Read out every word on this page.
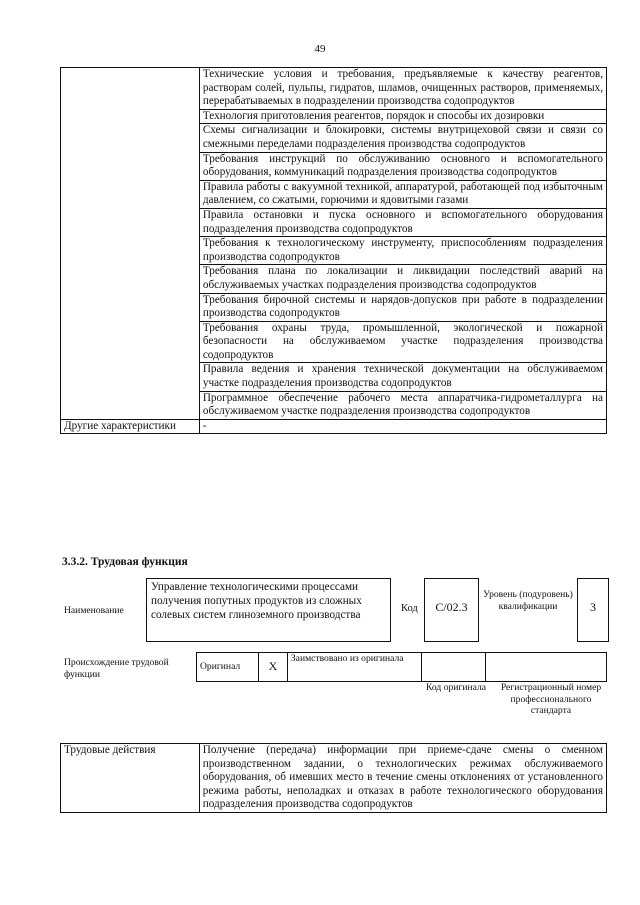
49
	Технические условия и требования, предъявляемые к качеству реагентов, растворам солей, пульпы, гидратов, шламов, очищенных растворов, применяемых, перерабатываемых в подразделении производства содопродуктов
	Технология приготовления реагентов, порядок и способы их дозировки
	Схемы сигнализации и блокировки, системы внутрицеховой связи и связи со смежными переделами подразделения производства содопродуктов
	Требования инструкций по обслуживанию основного и вспомогательного оборудования, коммуникаций подразделения производства содопродуктов
	Правила работы с вакуумной техникой, аппаратурой, работающей под избыточным давлением, со сжатыми, горючими и ядовитыми газами
	Правила остановки и пуска основного и вспомогательного оборудования подразделения производства содопродуктов
	Требования к технологическому инструменту, приспособлениям подразделения производства содопродуктов
	Требования плана по локализации и ликвидации последствий аварий на обслуживаемых участках подразделения производства содопродуктов
	Требования бирочной системы и нарядов-допусков при работе в подразделении производства содопродуктов
	Требования охраны труда, промышленной, экологической и пожарной безопасности на обслуживаемом участке подразделения производства содопродуктов
	Правила ведения и хранения технической документации на обслуживаемом участке подразделения производства содопродуктов
	Программное обеспечение рабочего места аппаратчика-гидрометаллурга на обслуживаемом участке подразделения производства содопродуктов
Другие характеристики	-
3.3.2. Трудовая функция
Наименование
Управление технологическими процессами получения попутных продуктов из сложных солевых систем глиноземного производства
Код	C/02.3
Уровень (подуровень) квалификации	3
Происхождение трудовой функции
Оригинал	X	Заимствовано из оригинала		
Код оригинала	Регистрационный номер профессионального стандарта
Трудовые действия	Получение (передача) информации при приеме-сдаче смены о сменном производственном задании, о технологических режимах обслуживаемого оборудования, об имевших место в течение смены отклонениях от установленного режима работы, неполадках и отказах в работе технологического оборудования подразделения производства содопродуктов
